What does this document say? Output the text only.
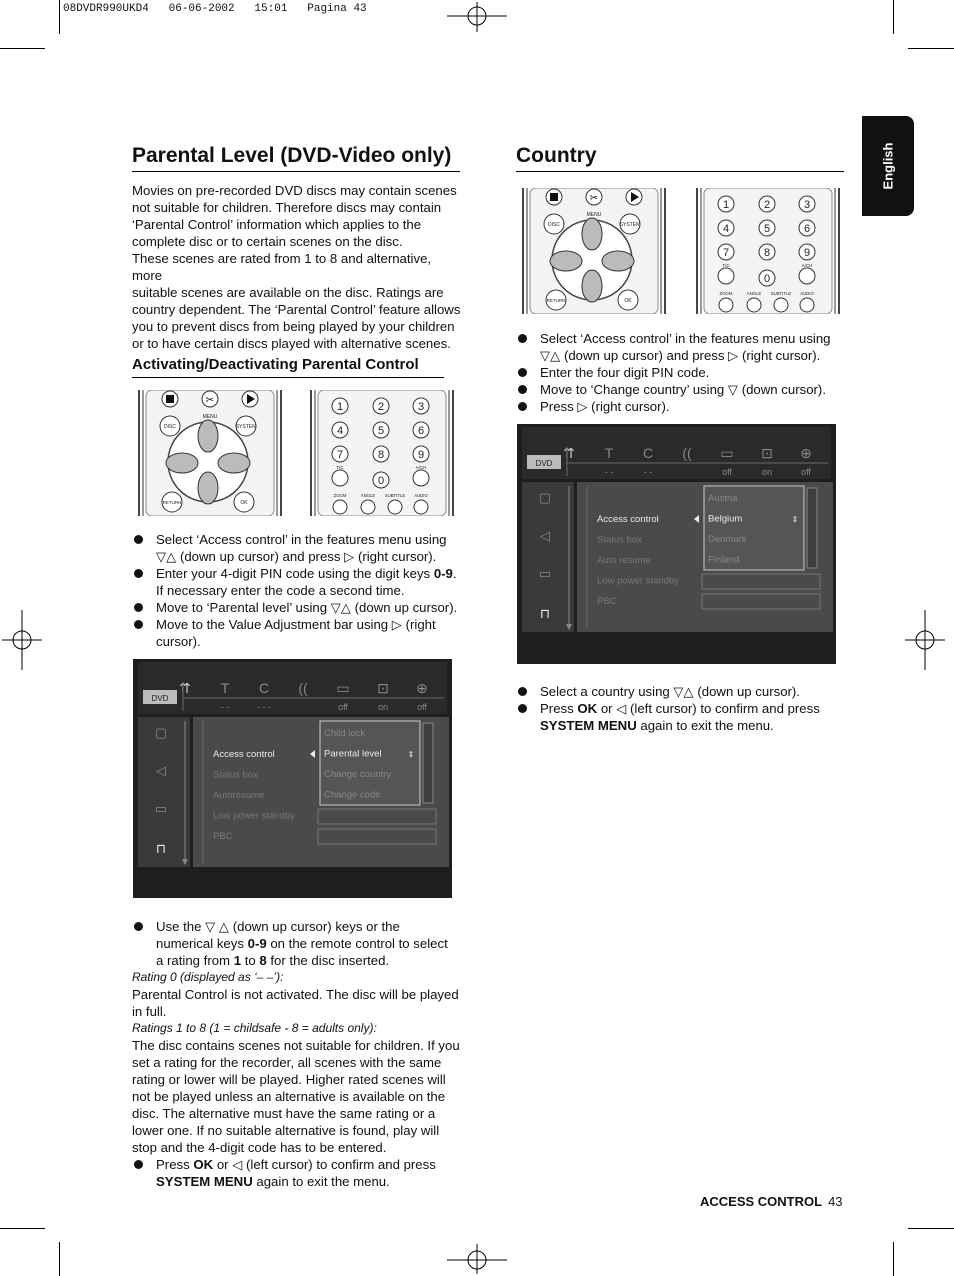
08DVDR990UKD4   06-06-2002   15:01   Pagina 43
English
Parental Level (DVD-Video only)

Movies on pre-recorded DVD discs may contain scenes

not suitable for children. Therefore discs may contain

‘Parental Control’ information which applies to the

complete disc or to certain scenes on the disc.

These scenes are rated from 1 to 8 and alternative, more

suitable scenes are available on the disc. Ratings are

country dependent. The ‘Parental Control’ feature allows

you to prevent discs from being played by your children

or to have certain discs played with alternative scenes.

Activating/Deactivating Parental Control
✂
MENU
DISC	SYSTEM
RETURN	OK
1	2	3
4	5	6
7	8	9
T/C	A/CH
0
ZOOM	ANGLE SUBTITLE AUDIO
Select ‘Access control’ in the features menu using
▽△ (down up cursor) and press ▷ (right cursor).
Enter your 4-digit PIN code using the digit keys 0-9.
If necessary enter the code a second time.
Move to ‘Parental level’ using ▽△ (down up cursor).
Move to the Value Adjustment bar using ▷ (right
cursor).
⇈ T C (( ▭ ⊡ ⊕
DVD
- -	- - -	off	on	off
▢
◁
▭
⊓
Access control
Status box
Autoresume
Low power standby
PBC
Child lock
Parental level
Change country
Change code
⇕
Use the ▽ △ (down up cursor) keys or the
numerical keys 0-9 on the remote control to select
a rating from 1 to 8 for the disc inserted.

Rating 0 (displayed as ‘– –’):

Parental Control is not activated. The disc will be played

in full.

Ratings 1 to 8 (1 = childsafe - 8 = adults only):

The disc contains scenes not suitable for children. If you

set a rating for the recorder, all scenes with the same

rating or lower will be played. Higher rated scenes will

not be played unless an alternative is available on the

disc. The alternative must have the same rating or a

lower one. If no suitable alternative is found, play will

stop and the 4-digit code has to be entered.

Press OK or ◁ (left cursor) to confirm and press
SYSTEM MENU again to exit the menu.
Country
✂
MENU
DISC	SYSTEM
RETURN	OK
1	2	3
4	5	6
7	8	9
T/C	A/CH
0
ZOOM	ANGLE SUBTITLE AUDIO
Select ‘Access control’ in the features menu using
▽△ (down up cursor) and press ▷ (right cursor).
Enter the four digit PIN code.
Move to ‘Change country’ using ▽ (down cursor).
Press ▷ (right cursor).
⇈ T C (( ▭ ⊡ ⊕
DVD
- -	- -	off	on	off
▢
◁
▭
⊓
Access control
Status box
Auto resume
Low power standby
PBC
Austria
Belgium
Denmark
Finland
⇕
Select a country using ▽△ (down up cursor).
Press OK or ◁ (left cursor) to confirm and press
SYSTEM MENU again to exit the menu.
ACCESS CONTROL 43
